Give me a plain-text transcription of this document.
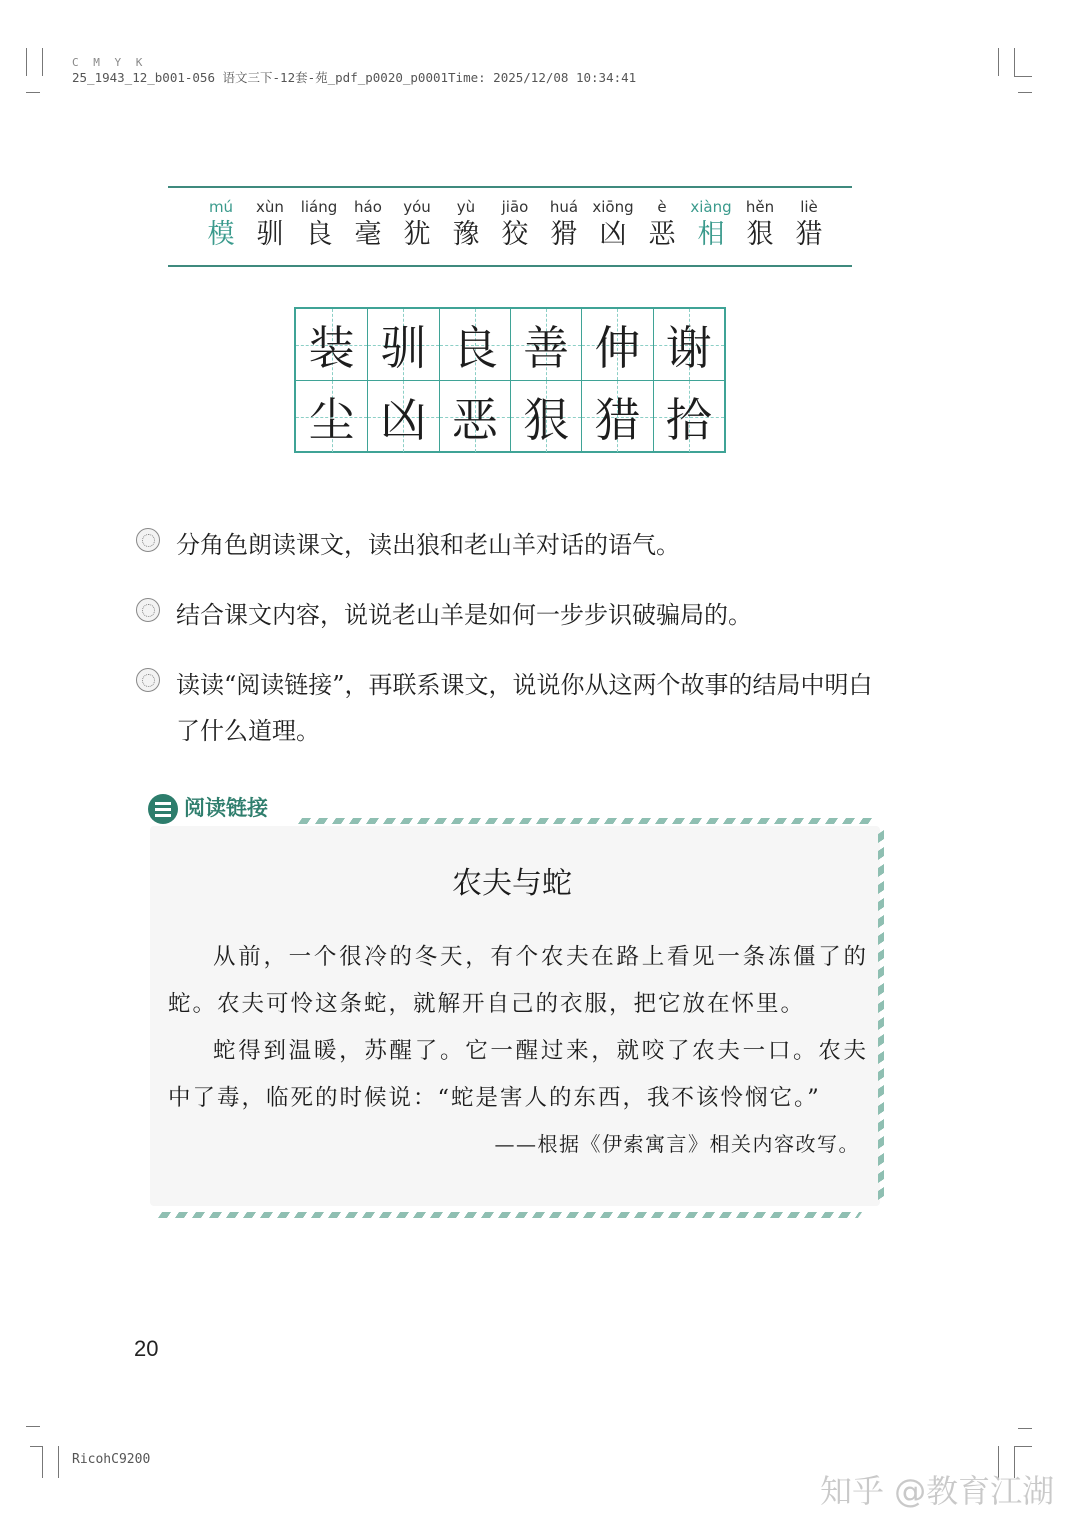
C M Y K
25_1943_12_b001-056 语文三下-12套-苑_pdf_p0020_p0001Time: 2025/12/08 10:34:41
mú
模
xùn
驯
liáng
良
háo
毫
yóu
犹
yù
豫
jiāo
狡
huá
猾
xiōng
凶
è
恶
xiàng
相
hěn
狠
liè
猎
装 驯 良 善 伸 谢
尘 凶 恶 狠 猎 拾
分角色朗读课文，读出狼和老山羊对话的语气。
结合课文内容，说说老山羊是如何一步步识破骗局的。
读读“阅读链接”，再联系课文，说说你从这两个故事的结局中明白了什么道理。
阅读链接
农夫与蛇
从前，一个很冷的冬天，有个农夫在路上看见一条冻僵了的蛇。农夫可怜这条蛇，就解开自己的衣服，把它放在怀里。
蛇得到温暖，苏醒了。它一醒过来，就咬了农夫一口。农夫中了毒，临死的时候说：“蛇是害人的东西，我不该怜悯它。”
——根据《伊索寓言》相关内容改写。
20
RicohC9200
知乎 @教育江湖
